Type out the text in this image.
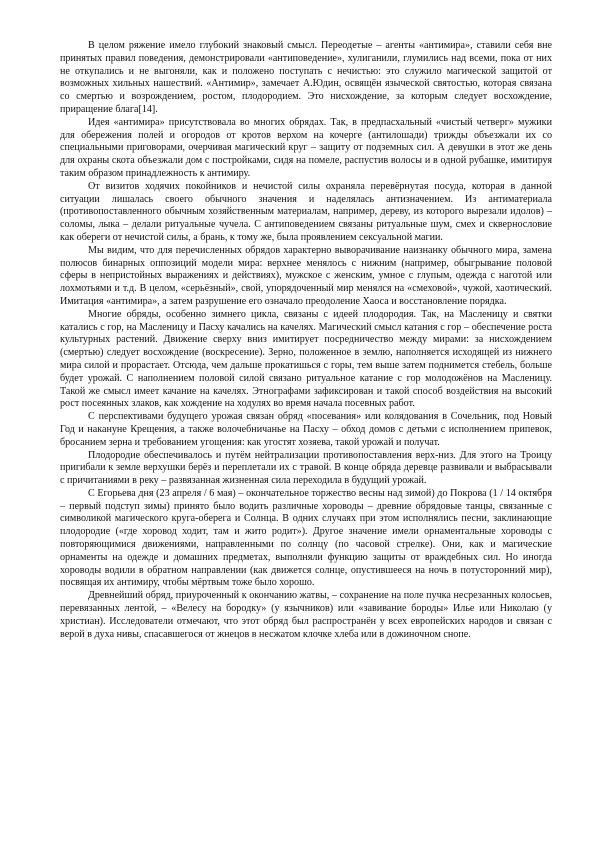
В целом ряжение имело глубокий знаковый смысл. Переодетые – агенты «антимира», ставили себя вне принятых правил поведения, демонстрировали «антиповедение», хулиганили, глумились над всеми, пока от них не откупались и не выгоняли, как и положено поступать с нечистью: это служило магической защитой от возможных хильных нашествий. «Антимир», замечает А.Юдин, освящён языческой святостью, которая связана со смертью и возрождением, ростом, плодородием. Это нисхождение, за которым следует восхождение, приращение блага[14].

Идея «антимира» присутствовала во многих обрядах. Так, в предпасхальный «чистый четверг» мужики для обережения полей и огородов от кротов верхом на кочерге (антилошади) трижды объезжали их со специальными приговорами, очерчивая магический круг – защиту от подземных сил. А девушки в этот же день для охраны скота объезжали дом с постройками, сидя на помеле, распустив волосы и в одной рубашке, имитируя таким образом принадлежность к антимиру.

От визитов ходячих покойников и нечистой силы охраняла перевёрнутая посуда, которая в данной ситуации лишалась своего обычного значения и наделялась антизначением. Из антиматериала (противопоставленного обычным хозяйственным материалам, например, дереву, из которого вырезали идолов) – соломы, лыка – делали ритуальные чучела. С антиповедением связаны ритуальные шум, смех и сквернословие как обереги от нечистой силы, а брань, к тому же, была проявлением сексуальной магии.

Мы видим, что для перечисленных обрядов характерно выворачивание наизнанку обычного мира, замена полюсов бинарных оппозиций модели мира: верхнее менялось с нижним (например, обыгрывание половой сферы в непристойных выражениях и действиях), мужское с женским, умное с глупым, одежда с наготой или лохмотьями и т.д. В целом, «серьёзный», свой, упорядоченный мир менялся на «смеховой», чужой, хаотический. Имитация «антимира», а затем разрушение его означало преодоление Хаоса и восстановление порядка.

Многие обряды, особенно зимнего цикла, связаны с идеей плодородия. Так, на Масленицу и святки катались с гор, на Масленицу и Пасху качались на качелях. Магический смысл катания с гор – обеспечение роста культурных растений. Движение сверху вниз имитирует посредничество между мирами: за нисхождением (смертью) следует восхождение (воскресение). Зерно, положенное в землю, наполняется исходящей из нижнего мира силой и прорастает. Отсюда, чем дальше прокатишься с горы, тем выше затем поднимется стебель, больше будет урожай. С наполнением половой силой связано ритуальное катание с гор молодожёнов на Масленицу. Такой же смысл имеет качание на качелях. Этнографами зафиксирован и такой способ воздействия на высокий рост посеянных злаков, как хождение на ходулях во время начала посевных работ.

С перспективами будущего урожая связан обряд «посевания» или колядования в Сочельник, под Новый Год и накануне Крещения, а также волочебничанье на Пасху – обход домов с детьми с исполнением припевок, бросанием зерна и требованием угощения: как угостят хозяева, такой урожай и получат.

Плодородие обеспечивалось и путём нейтрализации противопоставления верх-низ. Для этого на Троицу пригибали к земле верхушки берёз и переплетали их с травой. В конце обряда деревце развивали и выбрасывали с причитаниями в реку – развязанная жизненная сила переходила в будущий урожай.

С Егорьева дня (23 апреля / 6 мая) – окончательное торжество весны над зимой) до Покрова (1 / 14 октября – первый подступ зимы) принято было водить различные хороводы – древние обрядовые танцы, связанные с символикой магического круга-оберега и Солнца. В одних случаях при этом исполнялись песни, заклинающие плодородие («где хоровод ходит, там и жито родит»). Другое значение имели орнаментальные хороводы с повторяющимися движениями, направленными по солнцу (по часовой стрелке). Они, как и магические орнаменты на одежде и домашних предметах, выполняли функцию защиты от враждебных сил. Но иногда хороводы водили в обратном направлении (как движется солнце, опустившееся на ночь в потусторонний мир), посвящая их антимиру, чтобы мёртвым тоже было хорошо.

Древнейший обряд, приуроченный к окончанию жатвы, – сохранение на поле пучка несрезанных колосьев, перевязанных лентой, – «Велесу на бородку» (у язычников) или «завивание бороды» Илье или Николаю (у христиан). Исследователи отмечают, что этот обряд был распространён у всех европейских народов и связан с верой в духа нивы, спасавшегося от жнецов в несжатом клочке хлеба или в дожиночном снопе.
